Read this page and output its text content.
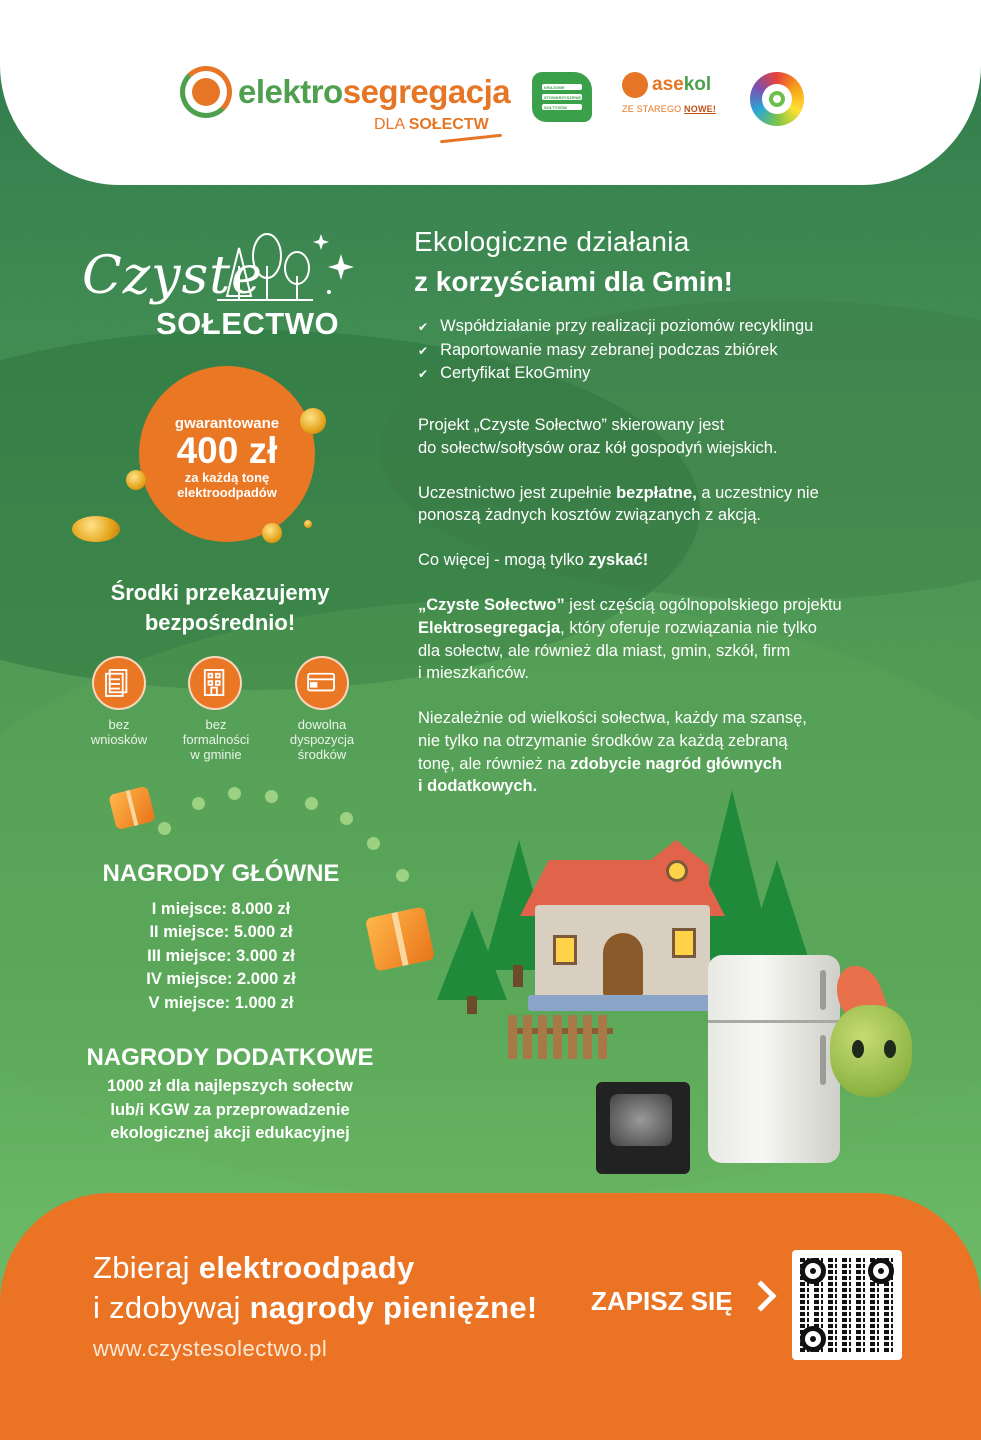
elektrosegregacja
DLA SOŁECTW
KRAJOWE
STOWARZYSZENIE
SOŁTYSÓW
asekol
ZE STAREGO NOWE!
Czyste
SOŁECTWO
Ekologiczne działania
z korzyściami dla Gmin!
✔ Współdziałanie przy realizacji poziomów recyklingu
✔ Raportowanie masy zebranej podczas zbiórek
✔ Certyfikat EkoGminy

Projekt „Czyste Sołectwo” skierowany jest
do sołectw/sołtysów oraz kół gospodyń wiejskich.

Uczestnictwo jest zupełnie bezpłatne, a uczestnicy nie
ponoszą żadnych kosztów związanych z akcją.

Co więcej - mogą tylko zyskać!

„Czyste Sołectwo” jest częścią ogólnopolskiego projektu
Elektrosegregacja, który oferuje rozwiązania nie tylko
dla sołectw, ale również dla miast, gmin, szkół, firm
i mieszkańców.

Niezależnie od wielkości sołectwa, każdy ma szansę,
nie tylko na otrzymanie środków za każdą zebraną
tonę, ale również na zdobycie nagród głównych
i dodatkowych.

gwarantowane
400 zł
za każdą tonę
elektroodpadów
Środki przekazujemy
bezpośrednio!
bez
wniosków
bez
formalności
w gminie
dowolna
dyspozycja
środków
NAGRODY GŁÓWNE
I miejsce: 8.000 zł
II miejsce: 5.000 zł
III miejsce: 3.000 zł
IV miejsce: 2.000 zł
V miejsce: 1.000 zł
NAGRODY DODATKOWE
1000 zł dla najlepszych sołectw
lub/i KGW za przeprowadzenie
ekologicznej akcji edukacyjnej
Zbieraj elektroodpady
i zdobywaj nagrody pieniężne!
www.czystesolectwo.pl
ZAPISZ SIĘ
